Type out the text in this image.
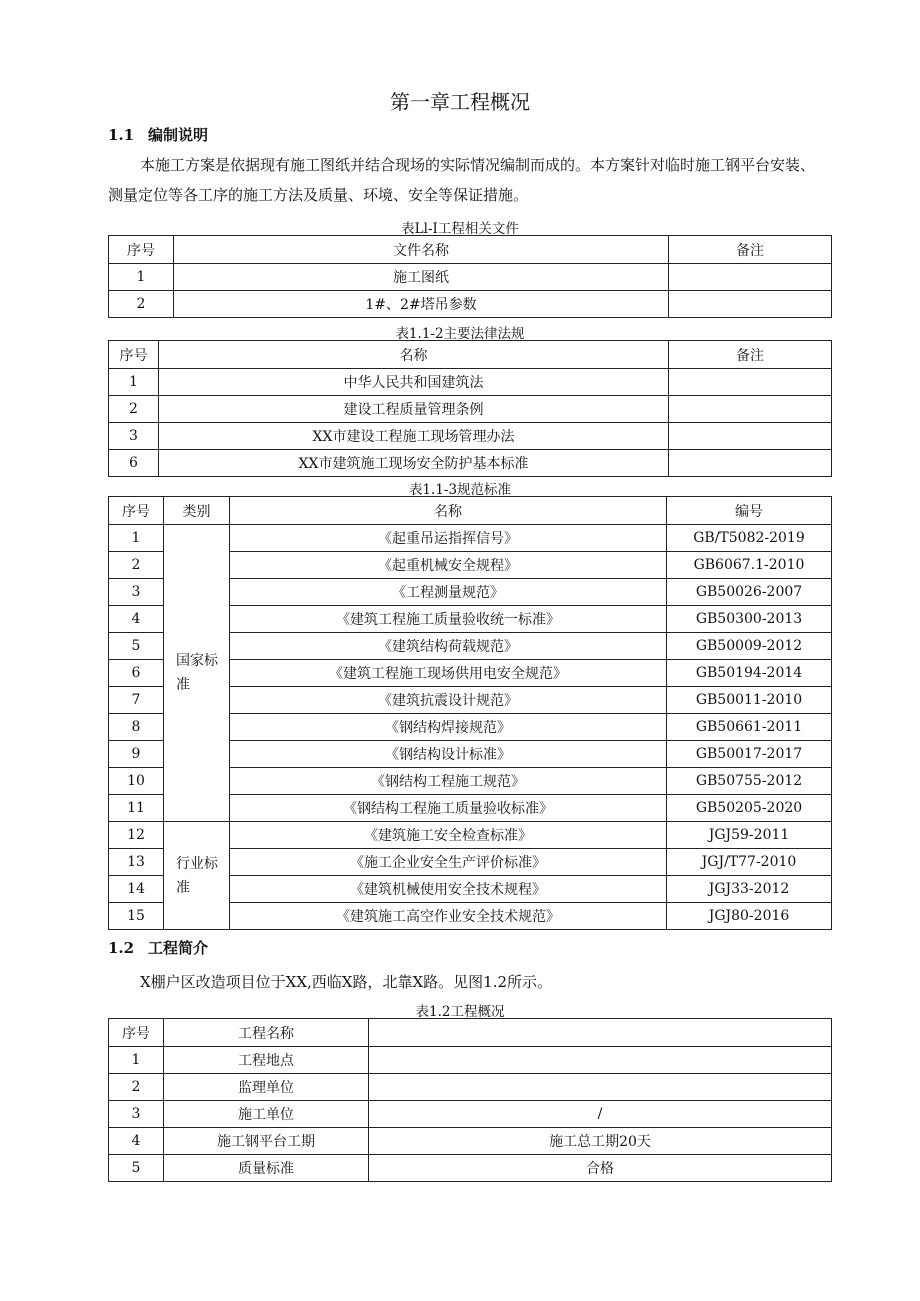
第一章工程概况
1.1 编制说明
本施工方案是依据现有施工图纸并结合现场的实际情况编制而成的。本方案针对临时施工钢平台安装、测量定位等各工序的施工方法及质量、环境、安全等保证措施。
表Ll-I工程相关文件
序号	文件名称	备注
1	施工图纸	
2	1#、2#塔吊参数	
表1.1-2主要法律法规
序号	名称	备注
1	中华人民共和国建筑法	
2	建设工程质量管理条例	
3	XX市建设工程施工现场管理办法	
6	XX市建筑施工现场安全防护基本标准	
表1.1-3规范标准
序号	类别	名称	编号
1	国家标准	《起重吊运指挥信号》	GB/T5082-2019
2		《起重机械安全规程》	GB6067.1-2010
3		《工程测量规范》	GB50026-2007
4		《建筑工程施工质量验收统一标准》	GB50300-2013
5		《建筑结构荷载规范》	GB50009-2012
6		《建筑工程施工现场供用电安全规范》	GB50194-2014
7		《建筑抗震设计规范》	GB50011-2010
8		《钢结构焊接规范》	GB50661-2011
9		《钢结构设计标准》	GB50017-2017
10		《钢结构工程施工规范》	GB50755-2012
11		《钢结构工程施工质量验收标准》	GB50205-2020
12	行业标准	《建筑施工安全检查标准》	JGJ59-2011
13		《施工企业安全生产评价标准》	JGJ/T77-2010
14		《建筑机械使用安全技术规程》	JGJ33-2012
15		《建筑施工高空作业安全技术规范》	JGJ80-2016
1.2 工程简介
X棚户区改造项目位于XX,西临X路，北靠X路。见图1.2所示。
表1.2工程概况
序号	工程名称	
1	工程地点	
2	监理单位	
3	施工单位	/
4	施工钢平台工期	施工总工期20天
5	质量标准	合格
